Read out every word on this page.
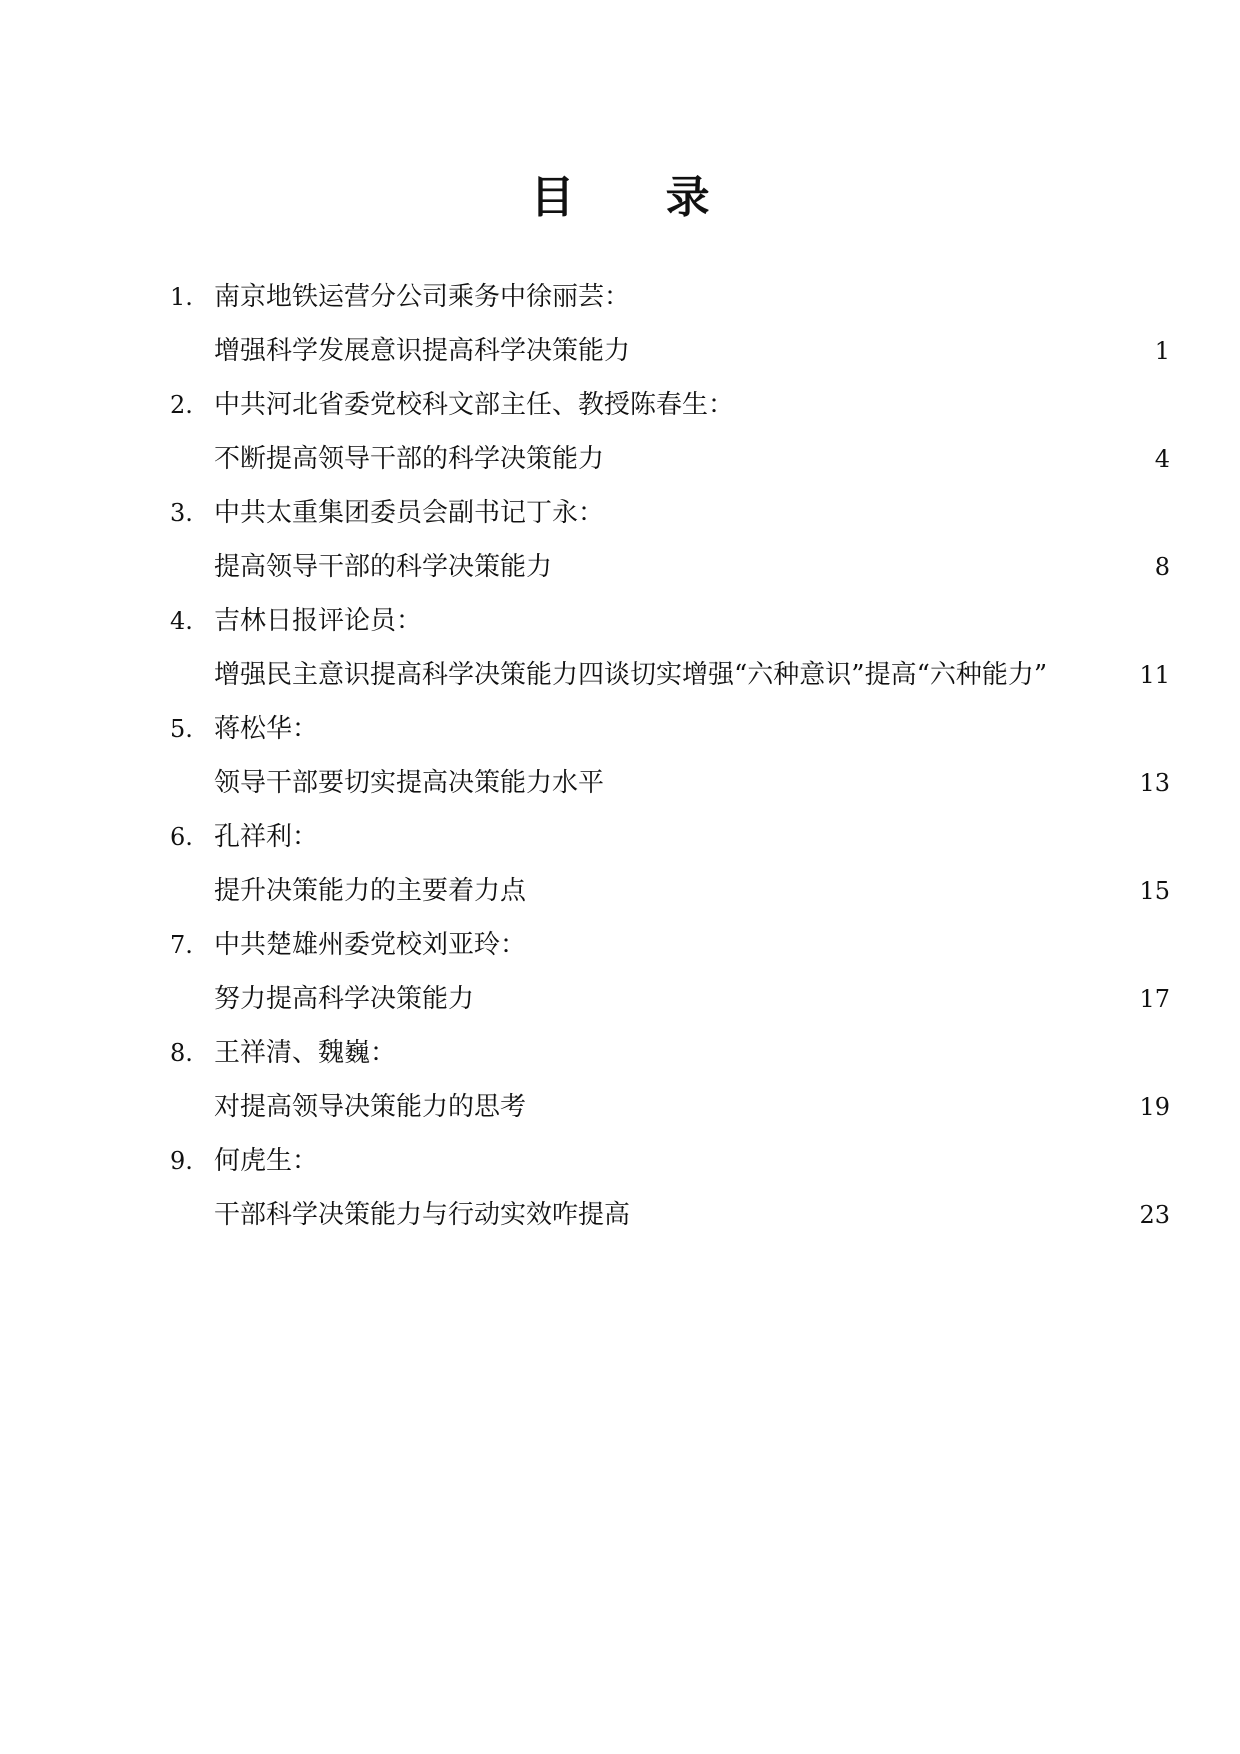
目 录
1. 南京地铁运营分公司乘务中徐丽芸：
增强科学发展意识提高科学决策能力	1
2. 中共河北省委党校科文部主任、教授陈春生：
不断提高领导干部的科学决策能力	4
3. 中共太重集团委员会副书记丁永：
提高领导干部的科学决策能力	8
4. 吉林日报评论员：
增强民主意识提高科学决策能力四谈切实增强“六种意识”提高“六种能力”	11
5. 蒋松华：
领导干部要切实提高决策能力水平	13
6. 孔祥利：
提升决策能力的主要着力点	15
7. 中共楚雄州委党校刘亚玲：
努力提高科学决策能力	17
8. 王祥清、魏巍：
对提高领导决策能力的思考	19
9. 何虎生：
干部科学决策能力与行动实效咋提高	23
